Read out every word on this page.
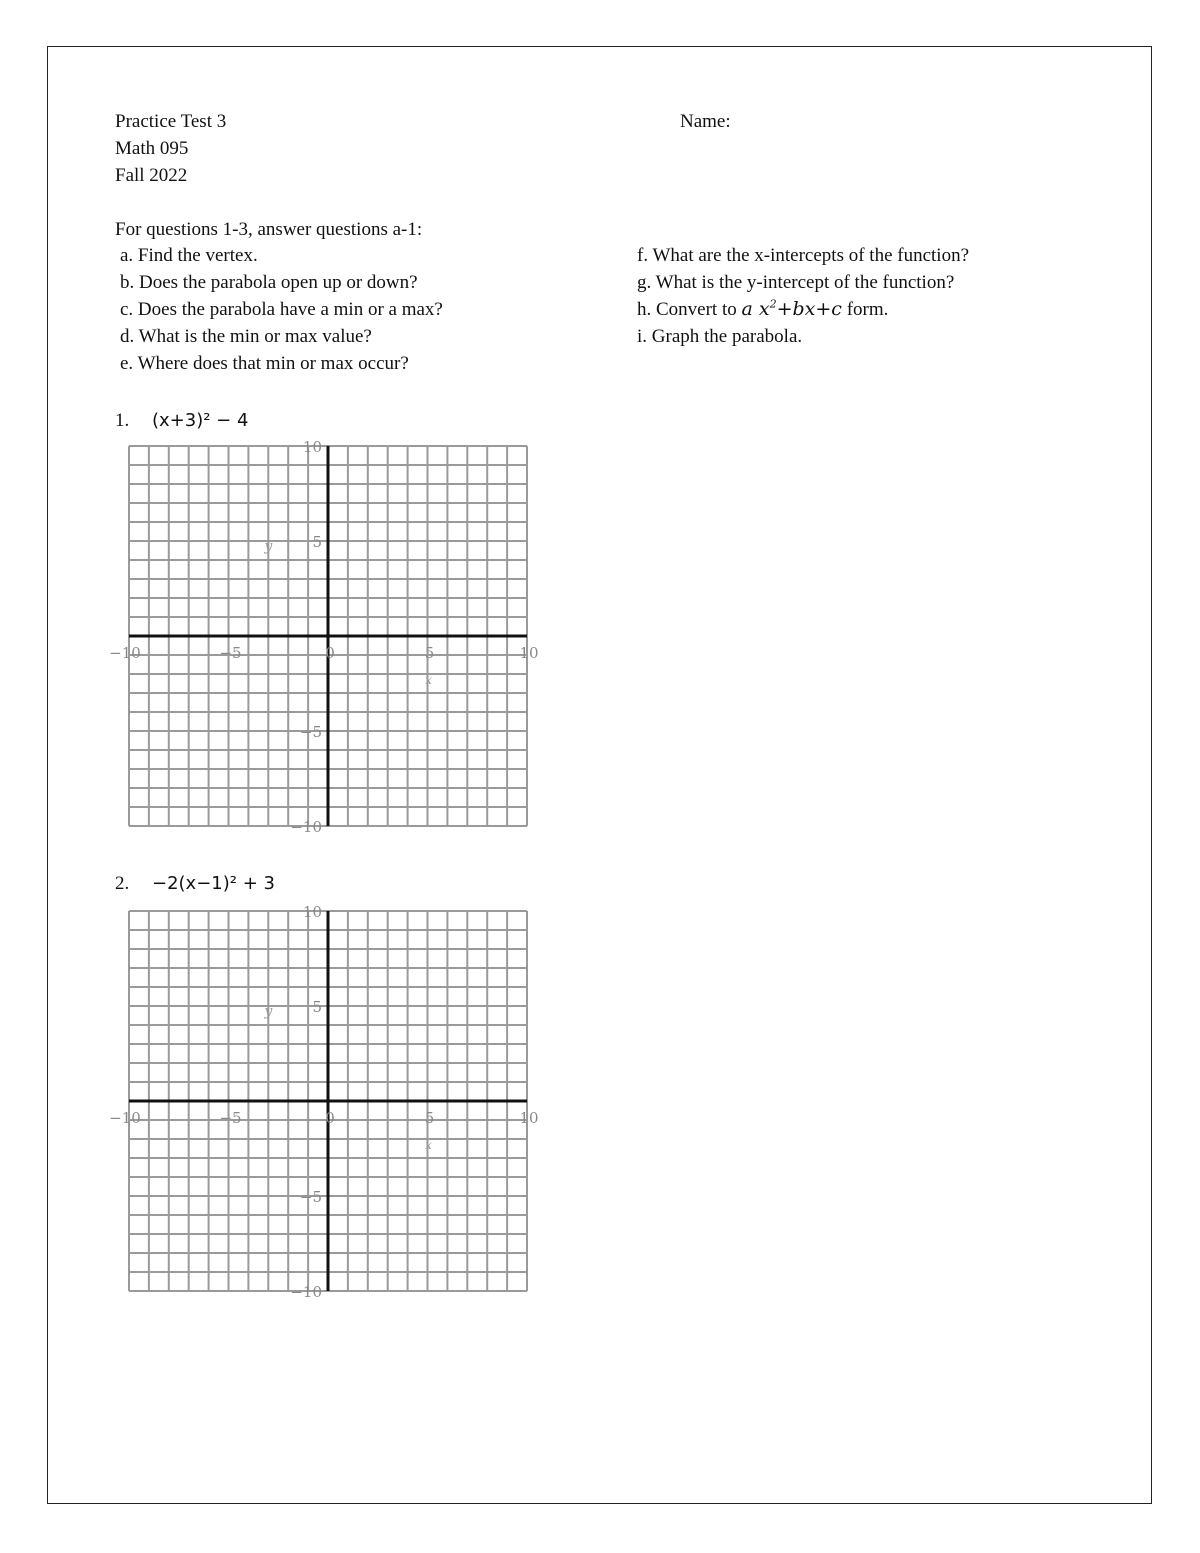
Practice Test 3
Math 095
Fall 2022
Name:
For questions 1-3, answer questions a-1:
a. Find the vertex.
b. Does the parabola open up or down?
c. Does the parabola have a min or a max?
d. What is the min or max value?
e. Where does that min or max occur?
f. What are the x-intercepts of the function?
g. What is the y-intercept of the function?
h. Convert to a $x^2+bx+c$ form.
i. Graph the parabola.
1. (x+3)² − 4
−10	−5	0	5	10
−10
−5
5
10
x
y
2. −2(x−1)² + 3
−10	−5	0	5	10
−10
−5
5
10
x
y
